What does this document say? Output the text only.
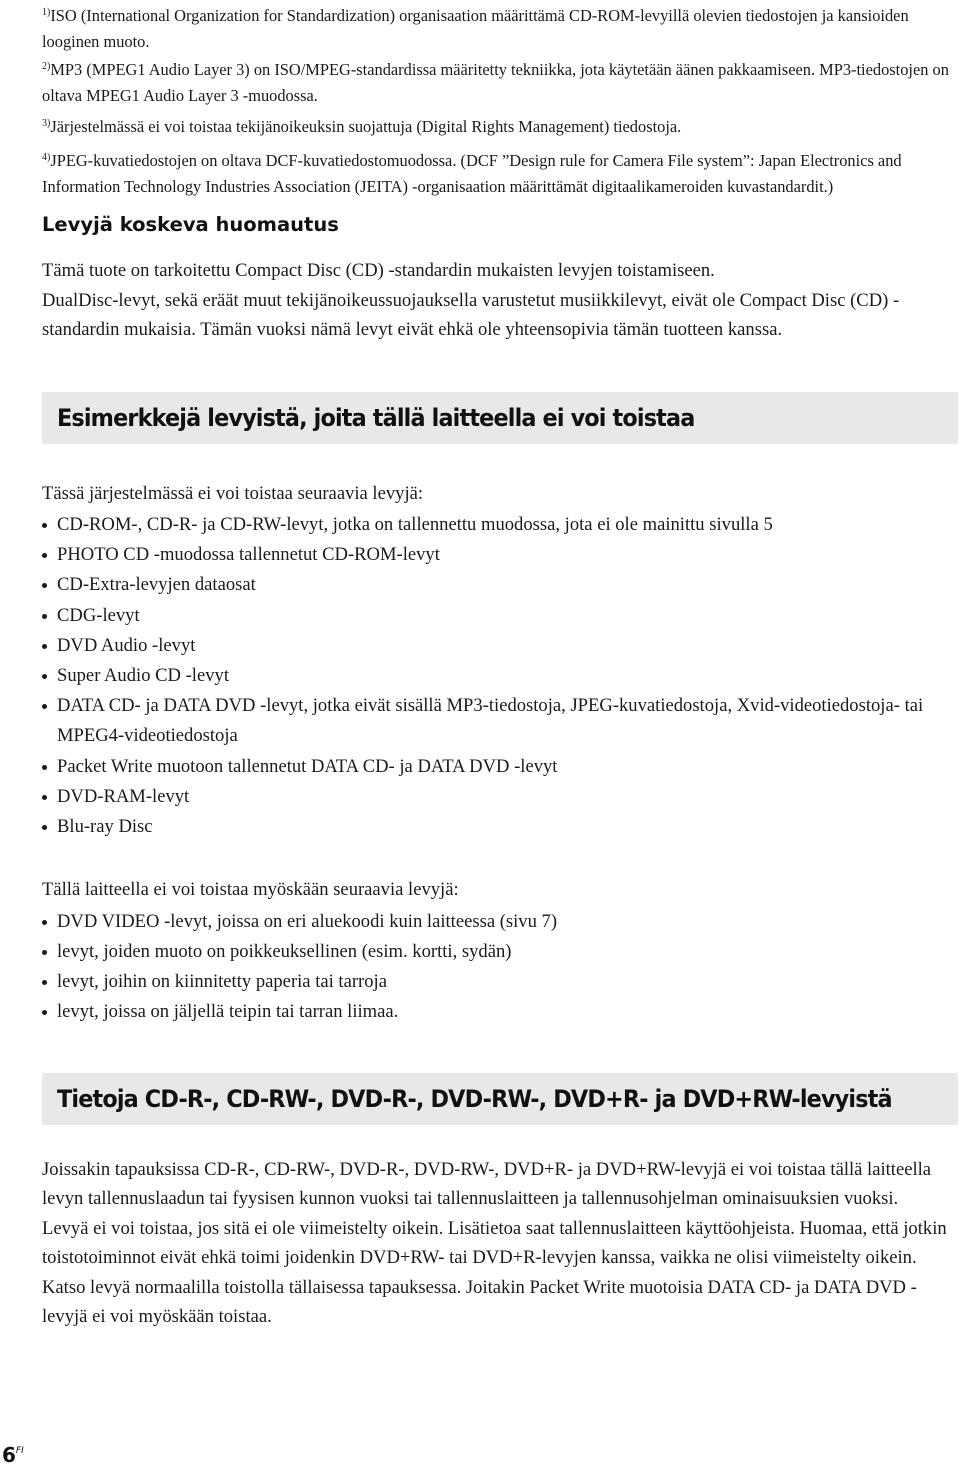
$^{1)}$ISO (International Organization for Standardization) organisaation määrittämä CD-ROM-levyillä olevien tiedostojen ja kansioiden looginen muoto.

$^{2)}$MP3 (MPEG1 Audio Layer 3) on ISO/MPEG-standardissa määritetty tekniikka, jota käytetään äänen pakkaamiseen. MP3-tiedostojen on oltava MPEG1 Audio Layer 3 -muodossa.

$^{3)}$Järjestelmässä ei voi toistaa tekijänoikeuksin suojattuja (Digital Rights Management) tiedostoja.

$^{4)}$JPEG-kuvatiedostojen on oltava DCF-kuvatiedostomuodossa. (DCF ”Design rule for Camera File system”: Japan Electronics and Information Technology Industries Association (JEITA) -organisaation määrittämät digitaalikameroiden kuvastandardit.)

Levyjä koskeva huomautus

Tämä tuote on tarkoitettu Compact Disc (CD) -standardin mukaisten levyjen toistamiseen.

DualDisc-levyt, sekä eräät muut tekijänoikeussuojauksella varustetut musiikkilevyt, eivät ole Compact Disc (CD) -standardin mukaisia. Tämän vuoksi nämä levyt eivät ehkä ole yhteensopivia tämän tuotteen kanssa.

Esimerkkejä levyistä, joita tällä laitteella ei voi toistaa

Tässä järjestelmässä ei voi toistaa seuraavia levyjä:

CD-ROM-, CD-R- ja CD-RW-levyt, jotka on tallennettu muodossa, jota ei ole mainittu sivulla 5
PHOTO CD -muodossa tallennetut CD-ROM-levyt
CD-Extra-levyjen dataosat
CDG-levyt
DVD Audio -levyt
Super Audio CD -levyt
DATA CD- ja DATA DVD -levyt, jotka eivät sisällä MP3-tiedostoja, JPEG-kuvatiedostoja, Xvid-videotiedostoja- tai MPEG4-videotiedostoja
Packet Write muotoon tallennetut DATA CD- ja DATA DVD -levyt
DVD-RAM-levyt
Blu-ray Disc

Tällä laitteella ei voi toistaa myöskään seuraavia levyjä:

DVD VIDEO -levyt, joissa on eri aluekoodi kuin laitteessa (sivu 7)
levyt, joiden muoto on poikkeuksellinen (esim. kortti, sydän)
levyt, joihin on kiinnitetty paperia tai tarroja
levyt, joissa on jäljellä teipin tai tarran liimaa.
Tietoja CD-R-, CD-RW-, DVD-R-, DVD-RW-, DVD+R- ja DVD+RW-levyistä

Joissakin tapauksissa CD-R-, CD-RW-, DVD-R-, DVD-RW-, DVD+R- ja DVD+RW-levyjä ei voi toistaa tällä laitteella levyn tallennuslaadun tai fyysisen kunnon vuoksi tai tallennuslaitteen ja tallennusohjelman ominaisuuksien vuoksi.

Levyä ei voi toistaa, jos sitä ei ole viimeistelty oikein. Lisätietoa saat tallennuslaitteen käyttöohjeista. Huomaa, että jotkin toistotoiminnot eivät ehkä toimi joidenkin DVD+RW- tai DVD+R-levyjen kanssa, vaikka ne olisi viimeistelty oikein. Katso levyä normaalilla toistolla tällaisessa tapauksessa. Joitakin Packet Write muotoisia DATA CD- ja DATA DVD -levyjä ei voi myöskään toistaa.

$6^{FI}$
